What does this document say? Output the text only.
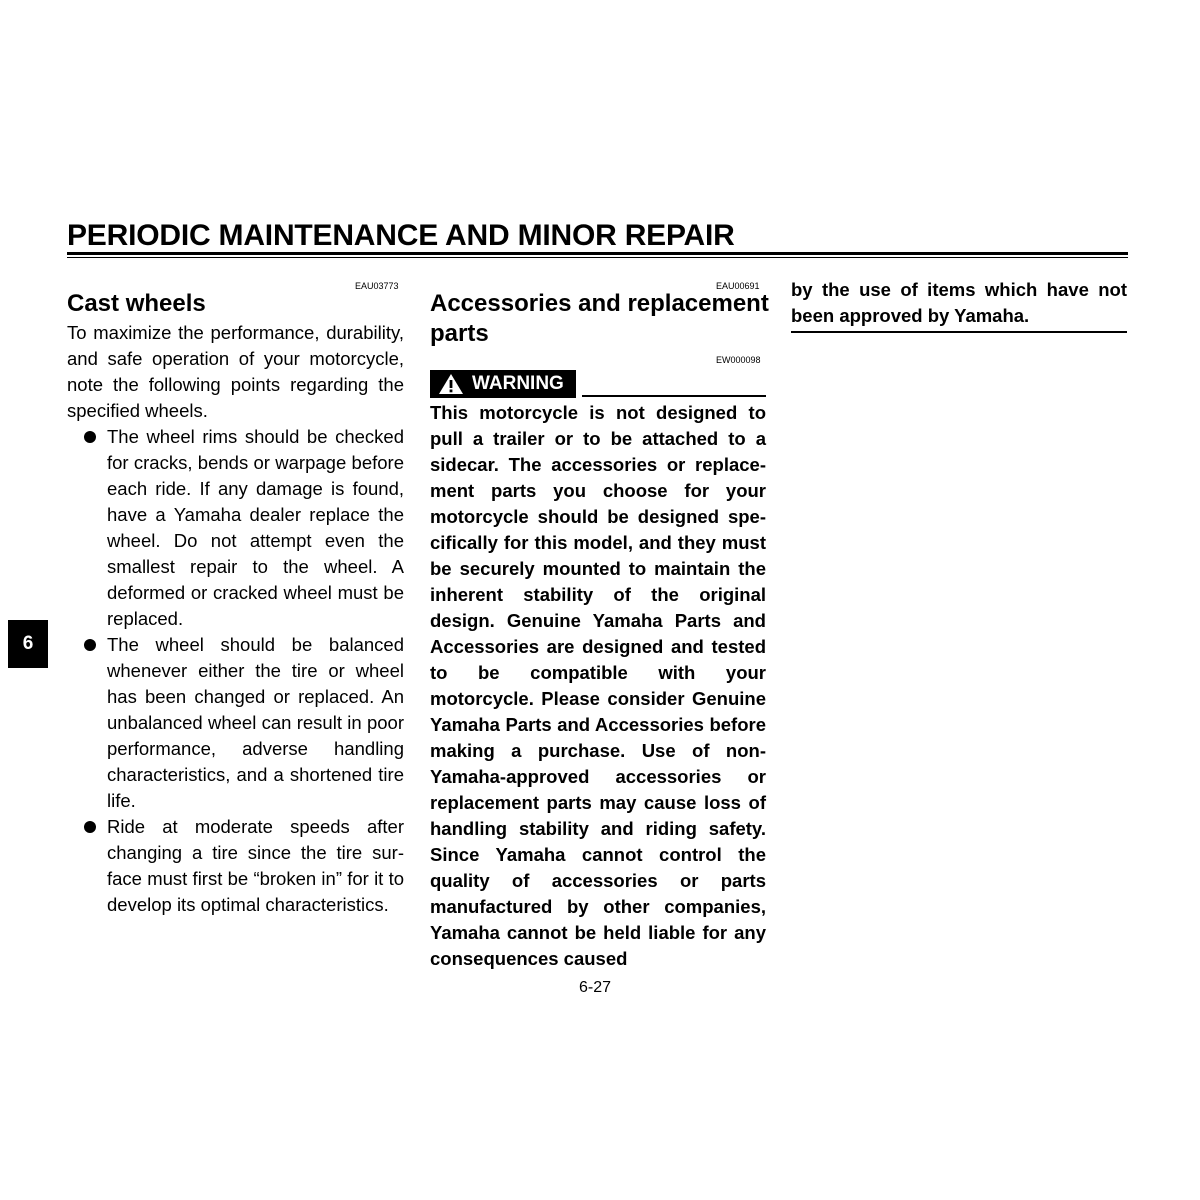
PERIODIC MAINTENANCE AND MINOR REPAIR
6
EAU03773
Cast wheels
To maximize the performance, durability, and safe operation of your motorcycle, note the following points regarding the specified wheels.
The wheel rims should be checked for cracks, bends or warpage before each ride. If any damage is found, have a Yamaha dealer replace the wheel. Do not attempt even the smallest repair to the wheel. A deformed or cracked wheel must be replaced.
The wheel should be balanced whenever either the tire or wheel has been changed or replaced. An unbalanced wheel can result in poor performance, adverse handling characteristics, and a shortened tire life.
Ride at moderate speeds after changing a tire since the tire surface must first be “broken in” for it to develop its optimal characteristics.
EAU00691
Accessories and replacement parts
EW000098
WARNING
This motorcycle is not designed to pull a trailer or to be attached to a sidecar. The accessories or replacement parts you choose for your motorcycle should be designed specifically for this model, and they must be securely mounted to maintain the inherent stability of the original design. Genuine Yamaha Parts and Accessories are designed and tested to be compatible with your motorcycle. Please consider Genuine Yamaha Parts and Accessories before making a purchase. Use of non-Yamaha-approved accessories or replacement parts may cause loss of handling stability and riding safety. Since Yamaha cannot control the quality of accessories or parts manufactured by other companies, Yamaha cannot be held liable for any consequences caused
by the use of items which have not been approved by Yamaha.
6-27
